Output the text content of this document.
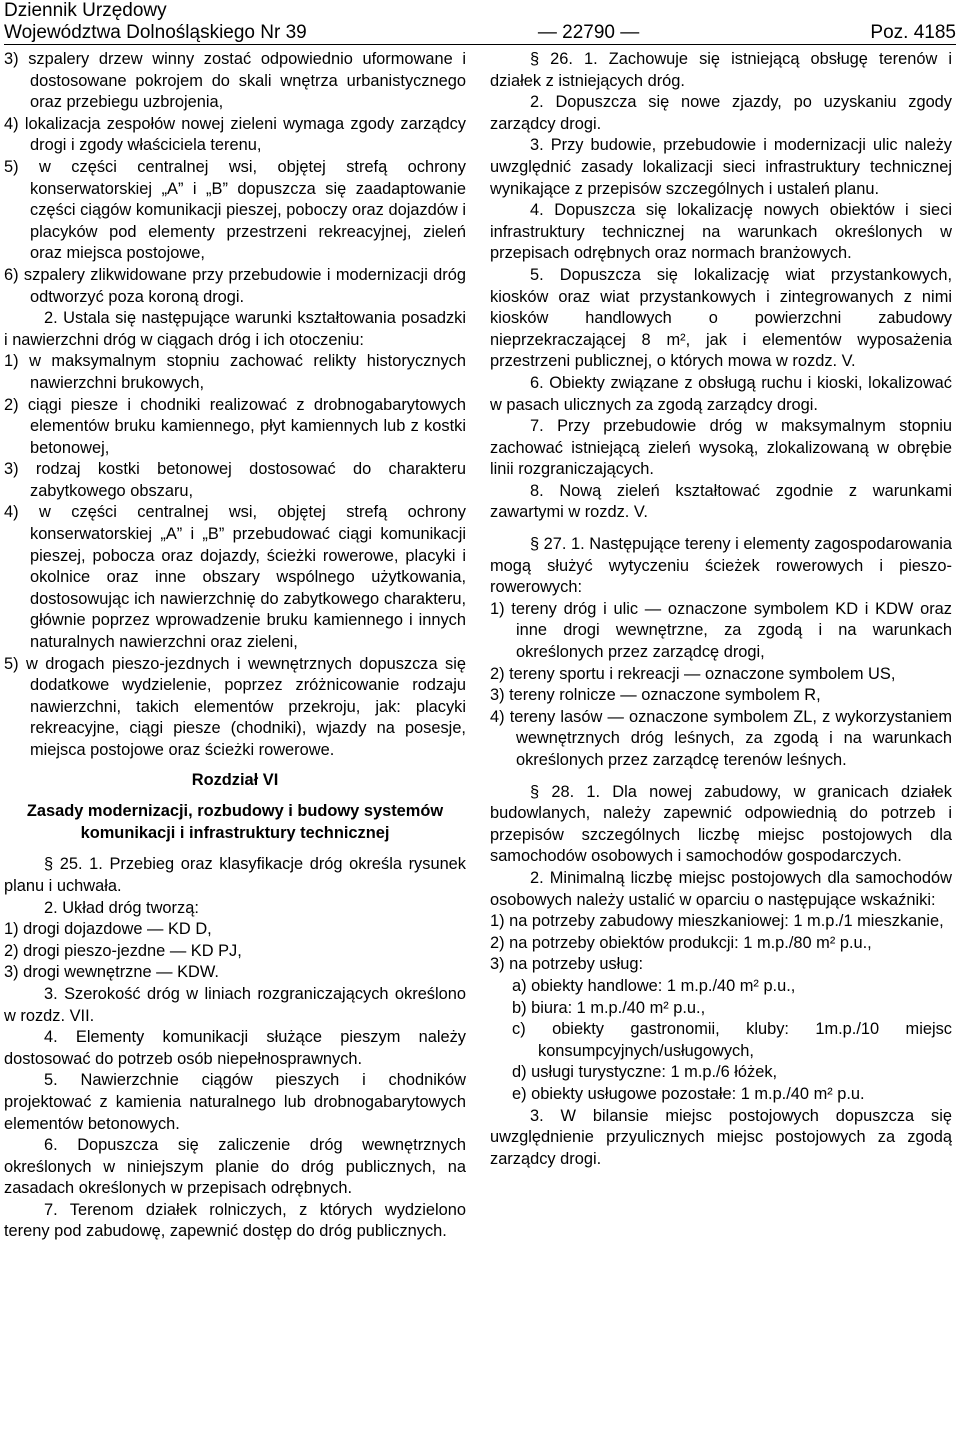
Dziennik Urzędowy
Województwa Dolnośląskiego Nr 39	— 22790 —	Poz. 4185

3) szpalery drzew winny zostać odpowiednio uformowane i dostosowane pokrojem do skali wnętrza urbanistycznego oraz przebiegu uzbrojenia,

4) lokalizacja zespołów nowej zieleni wymaga zgody zarządcy drogi i zgody właściciela terenu,

5) w części centralnej wsi, objętej strefą ochrony konserwatorskiej „A” i „B” dopuszcza się zaadaptowanie części ciągów komunikacji pieszej, poboczy oraz dojazdów i placyków pod elementy przestrzeni rekreacyjnej, zieleń oraz miejsca postojowe,

6) szpalery zlikwidowane przy przebudowie i modernizacji dróg odtworzyć poza koroną drogi.

2. Ustala się następujące warunki kształtowania posadzki i nawierzchni dróg w ciągach dróg i ich otoczeniu:

1) w maksymalnym stopniu zachować relikty historycznych nawierzchni brukowych,

2) ciągi piesze i chodniki realizować z drobnogabarytowych elementów bruku kamiennego, płyt kamiennych lub z kostki betonowej,

3) rodzaj kostki betonowej dostosować do charakteru zabytkowego obszaru,

4) w części centralnej wsi, objętej strefą ochrony konserwatorskiej „A” i „B” przebudować ciągi komunikacji pieszej, pobocza oraz dojazdy, ścieżki rowerowe, placyki i okolnice oraz inne obszary wspólnego użytkowania, dostosowując ich nawierzchnię do zabytkowego charakteru, głównie poprzez wprowadzenie bruku kamiennego i innych naturalnych nawierzchni oraz zieleni,

5) w drogach pieszo-jezdnych i wewnętrznych dopuszcza się dodatkowe wydzielenie, poprzez zróżnicowanie rodzaju nawierzchni, takich elementów przekroju, jak: placyki rekreacyjne, ciągi piesze (chodniki), wjazdy na posesje, miejsca postojowe oraz ścieżki rowerowe.

Rozdział VI

Zasady modernizacji, rozbudowy i budowy systemów komunikacji i infrastruktury technicznej

§ 25. 1. Przebieg oraz klasyfikacje dróg określa rysunek planu i uchwała.

2. Układ dróg tworzą:

1) drogi dojazdowe — KD D,

2) drogi pieszo-jezdne — KD PJ,

3) drogi wewnętrzne — KDW.

3. Szerokość dróg w liniach rozgraniczających określono w rozdz. VII.

4. Elementy komunikacji służące pieszym należy dostosować do potrzeb osób niepełnosprawnych.

5. Nawierzchnie ciągów pieszych i chodników projektować z kamienia naturalnego lub drobnogabarytowych elementów betonowych.

6. Dopuszcza się zaliczenie dróg wewnętrznych określonych w niniejszym planie do dróg publicznych, na zasadach określonych w przepisach odrębnych.

7. Terenom działek rolniczych, z których wydzielono tereny pod zabudowę, zapewnić dostęp do dróg publicznych.

§ 26. 1. Zachowuje się istniejącą obsługę terenów i działek z istniejących dróg.

2. Dopuszcza się nowe zjazdy, po uzyskaniu zgody zarządcy drogi.

3. Przy budowie, przebudowie i modernizacji ulic należy uwzględnić zasady lokalizacji sieci infrastruktury technicznej wynikające z przepisów szczególnych i ustaleń planu.

4. Dopuszcza się lokalizację nowych obiektów i sieci infrastruktury technicznej na warunkach określonych w przepisach odrębnych oraz normach branżowych.

5. Dopuszcza się lokalizację wiat przystankowych, kiosków oraz wiat przystankowych i zintegrowanych z nimi kiosków handlowych o powierzchni zabudowy nieprzekraczającej 8 m², jak i elementów wyposażenia przestrzeni publicznej, o których mowa w rozdz. V.

6. Obiekty związane z obsługą ruchu i kioski, lokalizować w pasach ulicznych za zgodą zarządcy drogi.

7. Przy przebudowie dróg w maksymalnym stopniu zachować istniejącą zieleń wysoką, zlokalizowaną w obrębie linii rozgraniczających.

8. Nową zieleń kształtować zgodnie z warunkami zawartymi w rozdz. V.

§ 27. 1. Następujące tereny i elementy zagospodarowania mogą służyć wytyczeniu ścieżek rowerowych i pieszo-rowerowych:

1) tereny dróg i ulic — oznaczone symbolem KD i KDW oraz inne drogi wewnętrzne, za zgodą i na warunkach określonych przez zarządcę drogi,

2) tereny sportu i rekreacji — oznaczone symbolem US,

3) tereny rolnicze — oznaczone symbolem R,

4) tereny lasów — oznaczone symbolem ZL, z wykorzystaniem wewnętrznych dróg leśnych, za zgodą i na warunkach określonych przez zarządcę terenów leśnych.

§ 28. 1. Dla nowej zabudowy, w granicach działek budowlanych, należy zapewnić odpowiednią do potrzeb i przepisów szczególnych liczbę miejsc postojowych dla samochodów osobowych i samochodów gospodarczych.

2. Minimalną liczbę miejsc postojowych dla samochodów osobowych należy ustalić w oparciu o następujące wskaźniki:

1) na potrzeby zabudowy mieszkaniowej: 1 m.p./1 mieszkanie,

2) na potrzeby obiektów produkcji: 1 m.p./80 m² p.u.,

3) na potrzeby usług:

a) obiekty handlowe: 1 m.p./40 m² p.u.,

b) biura: 1 m.p./40 m² p.u.,

c) obiekty gastronomii, kluby: 1m.p./10 miejsc konsumpcyjnych/usługowych,

d) usługi turystyczne: 1 m.p./6 łóżek,

e) obiekty usługowe pozostałe: 1 m.p./40 m² p.u.

3. W bilansie miejsc postojowych dopuszcza się uwzględnienie przyulicznych miejsc postojowych za zgodą zarządcy drogi.
